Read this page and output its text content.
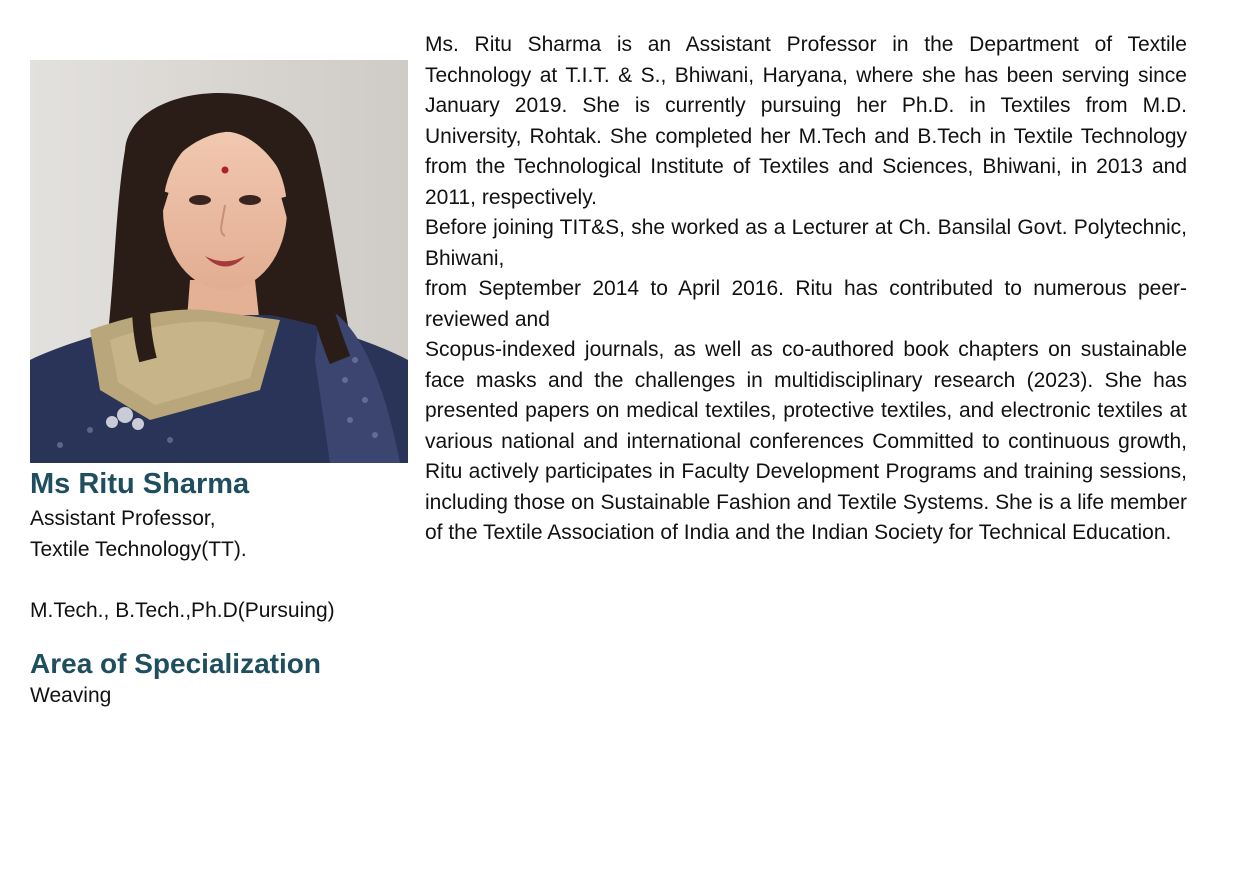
Ms Ritu Sharma
Assistant Professor,
Textile Technology(TT).
M.Tech., B.Tech.,Ph.D(Pursuing)
Area of Specialization
Weaving

Ms. Ritu Sharma is an Assistant Professor in the Department of Textile Technology at T.I.T. & S., Bhiwani, Haryana, where she has been serving since January 2019. She is currently pursuing her Ph.D. in Textiles from M.D. University, Rohtak. She completed her M.Tech and B.Tech in Textile Technology from the Technological Institute of Textiles and Sciences, Bhiwani, in 2013 and 2011, respectively.

Before joining TIT&S, she worked as a Lecturer at Ch. Bansilal Govt. Polytechnic, Bhiwani,

from September 2014 to April 2016. Ritu has contributed to numerous peer-reviewed and

Scopus-indexed journals, as well as co-authored book chapters on sustainable face masks and the challenges in multidisciplinary research (2023). She has presented papers on medical textiles, protective textiles, and electronic textiles at various national and international conferences Committed to continuous growth, Ritu actively participates in Faculty Development Programs and training sessions, including those on Sustainable Fashion and Textile Systems. She is a life member of the Textile Association of India and the Indian Society for Technical Education.
